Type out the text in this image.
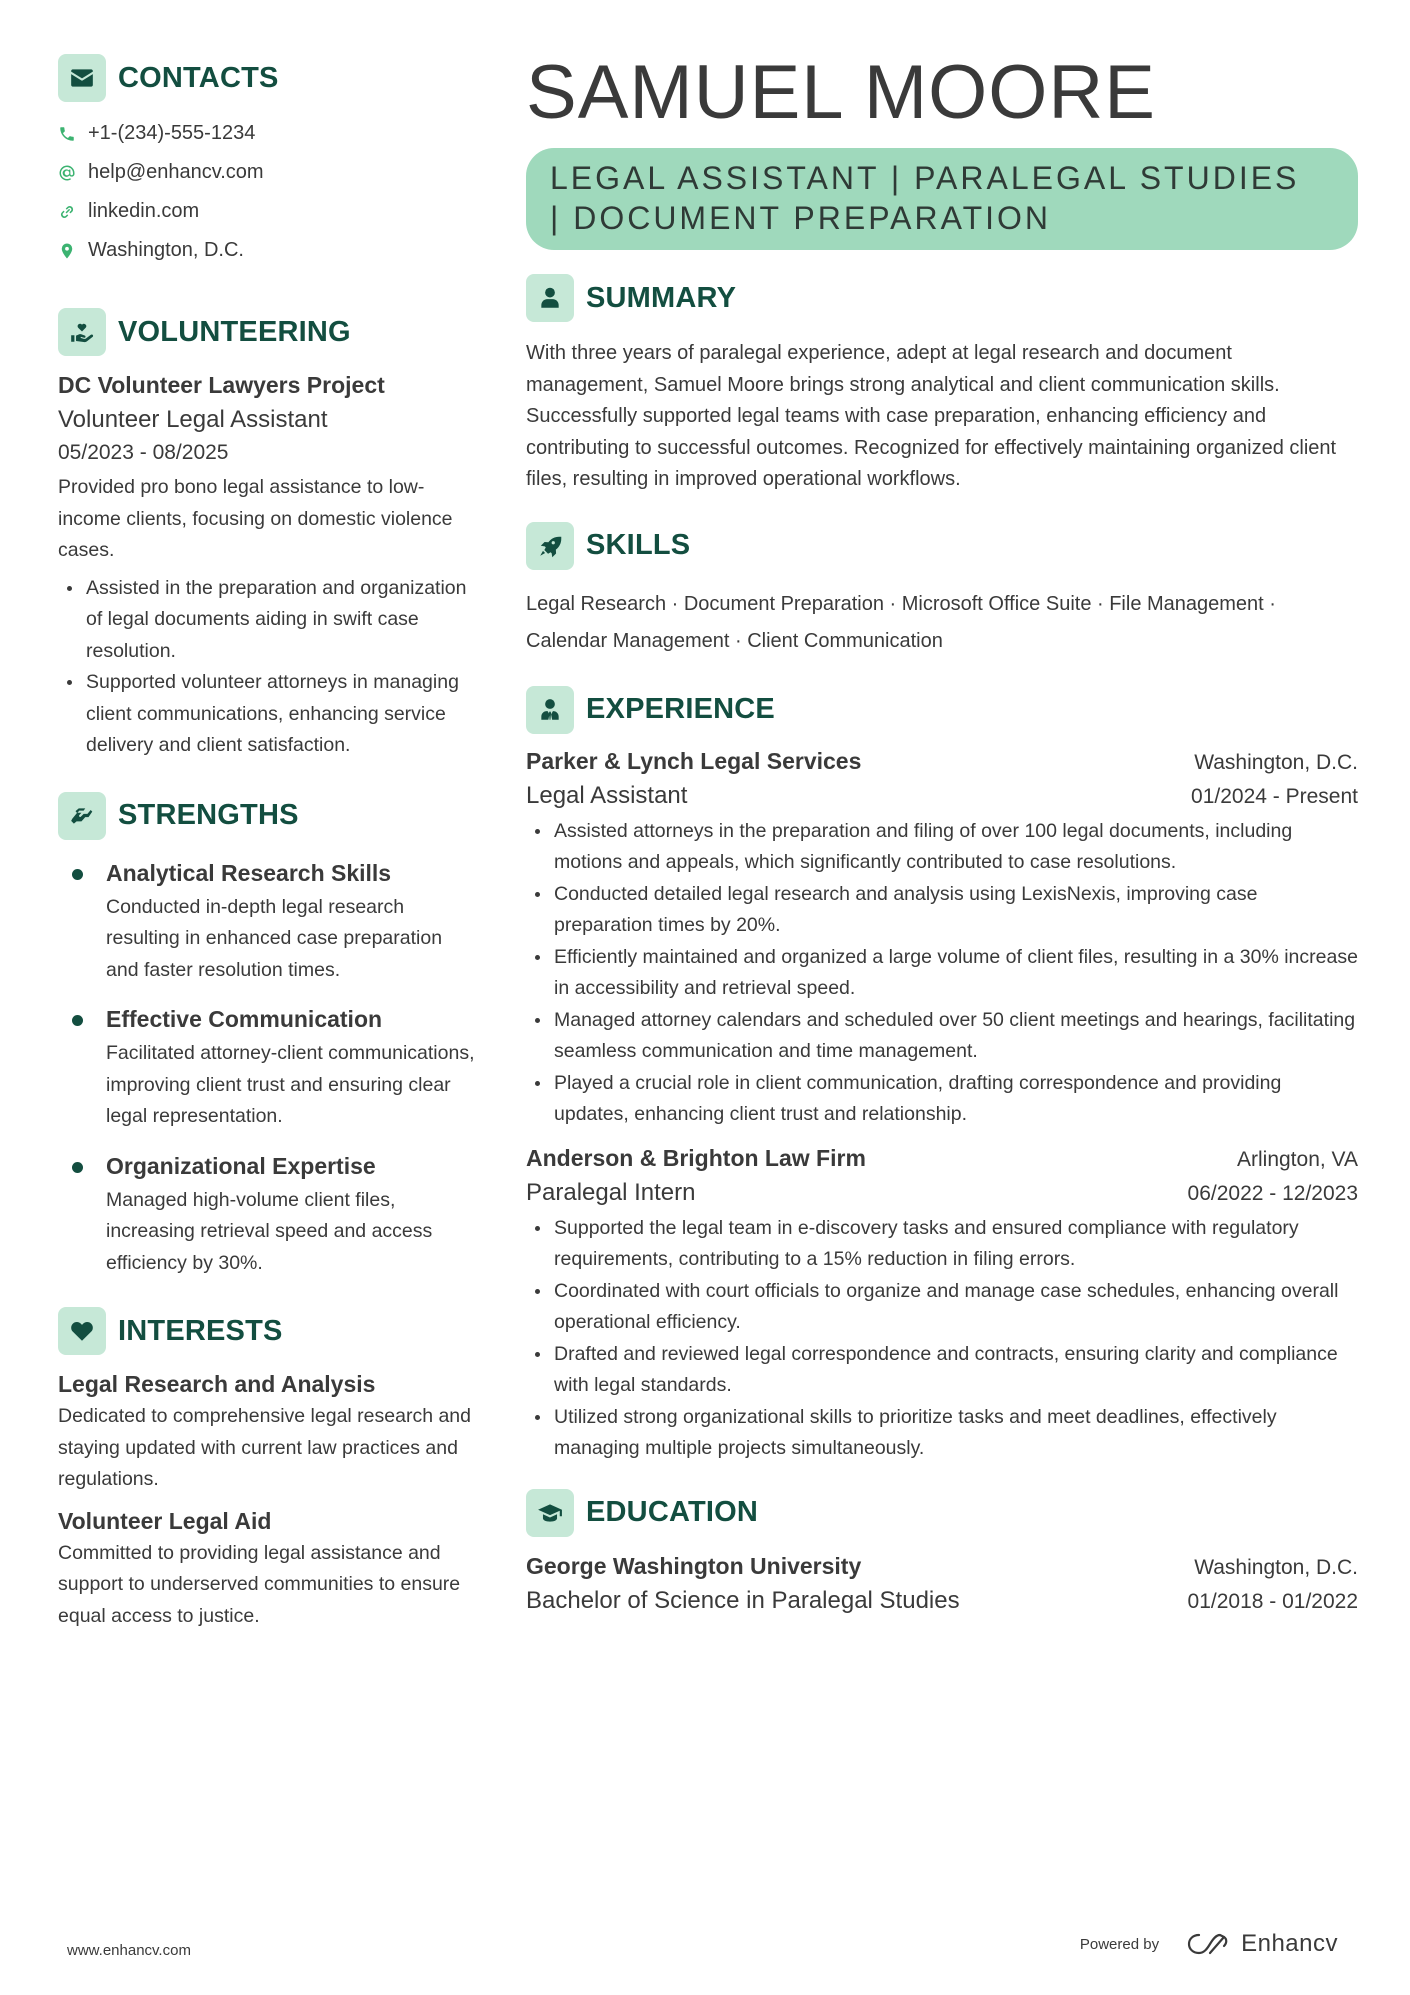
CONTACTS
+1-(234)-555-1234
help@enhancv.com
linkedin.com
Washington, D.C.
VOLUNTEERING
DC Volunteer Lawyers Project
Volunteer Legal Assistant
05/2023 - 08/2025
Provided pro bono legal assistance to low-income clients, focusing on domestic violence cases.
Assisted in the preparation and organization of legal documents aiding in swift case resolution.
Supported volunteer attorneys in managing client communications, enhancing service delivery and client satisfaction.
STRENGTHS
Analytical Research Skills
Conducted in-depth legal research resulting in enhanced case preparation and faster resolution times.
Effective Communication
Facilitated attorney-client communications, improving client trust and ensuring clear legal representation.
Organizational Expertise
Managed high-volume client files, increasing retrieval speed and access efficiency by 30%.
INTERESTS
Legal Research and Analysis
Dedicated to comprehensive legal research and staying updated with current law practices and regulations.
Volunteer Legal Aid
Committed to providing legal assistance and support to underserved communities to ensure equal access to justice.
SAMUEL MOORE
LEGAL ASSISTANT | PARALEGAL STUDIES
| DOCUMENT PREPARATION
SUMMARY

With three years of paralegal experience, adept at legal research and document management, Samuel Moore brings strong analytical and client communication skills. Successfully supported legal teams with case preparation, enhancing efficiency and contributing to successful outcomes. Recognized for effectively maintaining organized client files, resulting in improved operational workflows.

SKILLS
Legal Research · Document Preparation · Microsoft Office Suite · File Management ·
Calendar Management · Client Communication
EXPERIENCE
Parker & Lynch Legal Services	Washington, D.C.
Legal Assistant	01/2024 - Present
Assisted attorneys in the preparation and filing of over 100 legal documents, including motions and appeals, which significantly contributed to case resolutions.
Conducted detailed legal research and analysis using LexisNexis, improving case preparation times by 20%.
Efficiently maintained and organized a large volume of client files, resulting in a 30% increase in accessibility and retrieval speed.
Managed attorney calendars and scheduled over 50 client meetings and hearings, facilitating seamless communication and time management.
Played a crucial role in client communication, drafting correspondence and providing updates, enhancing client trust and relationship.
Anderson & Brighton Law Firm	Arlington, VA
Paralegal Intern	06/2022 - 12/2023
Supported the legal team in e-discovery tasks and ensured compliance with regulatory requirements, contributing to a 15% reduction in filing errors.
Coordinated with court officials to organize and manage case schedules, enhancing overall operational efficiency.
Drafted and reviewed legal correspondence and contracts, ensuring clarity and compliance with legal standards.
Utilized strong organizational skills to prioritize tasks and meet deadlines, effectively managing multiple projects simultaneously.
EDUCATION
George Washington University	Washington, D.C.
Bachelor of Science in Paralegal Studies	01/2018 - 01/2022
www.enhancv.com	Powered by	Enhancv
